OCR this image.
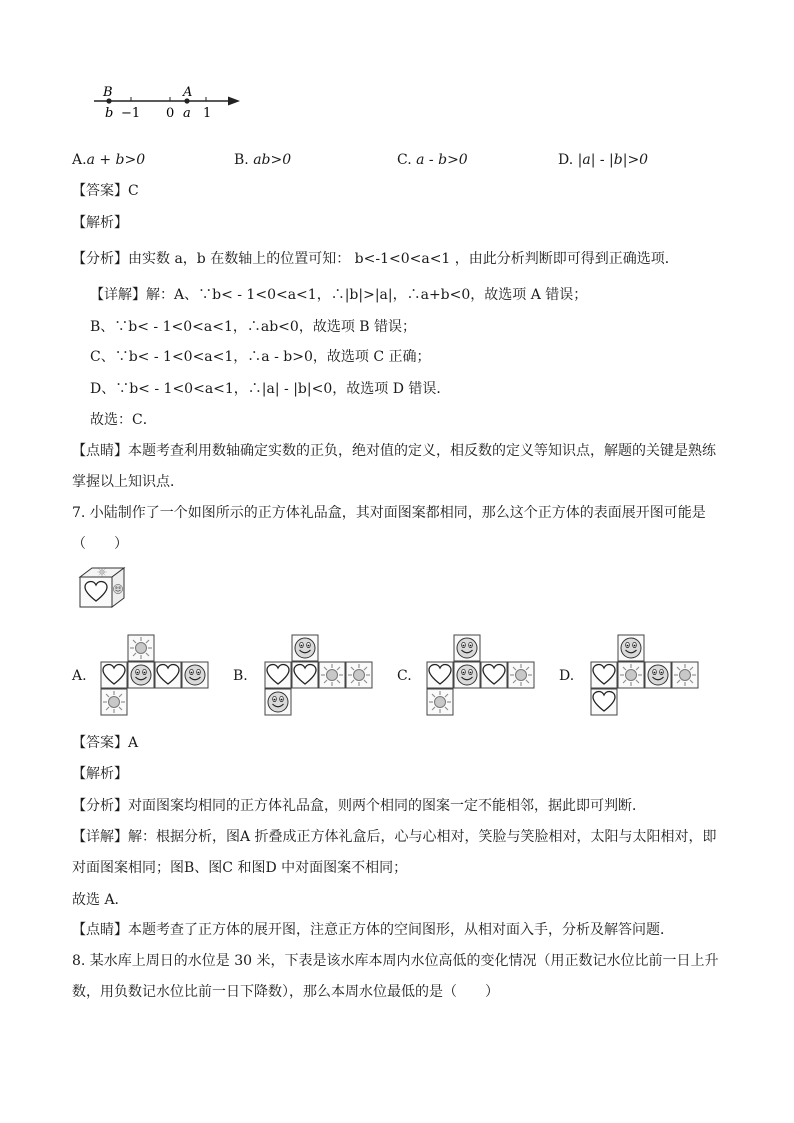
B	A
b −1 0 a 1
A.a + b>0	B. ab>0	C. a - b>0	D. |a| - |b|>0
【答案】C
【解析】
【分析】由实数 a，b 在数轴上的位置可知： b<-1<0<a<1 ，由此分析判断即可得到正确选项．
【详解】解：A、∵b< - 1<0<a<1，∴|b|>|a|，∴a+b<0，故选项 A 错误；
B、∵b< - 1<0<a<1，∴ab<0，故选项 B 错误；
C、∵b< - 1<0<a<1，∴a - b>0，故选项 C 正确；
D、∵b< - 1<0<a<1，∴|a| - |b|<0，故选项 D 错误．
故选：C．
【点睛】本题考查利用数轴确定实数的正负，绝对值的定义，相反数的定义等知识点，解题的关键是熟练掌握以上知识点．
7. 小陆制作了一个如图所示的正方体礼品盒，其对面图案都相同，那么这个正方体的表面展开图可能是（　　）
A.	B.	C.	D.
【答案】A
【解析】
【分析】对面图案均相同的正方体礼品盒，则两个相同的图案一定不能相邻，据此即可判断．
【详解】解：根据分析，图A 折叠成正方体礼盒后，心与心相对，笑脸与笑脸相对，太阳与太阳相对，即对面图案相同；图B、图C 和图D 中对面图案不相同；
故选 A．
【点睛】本题考查了正方体的展开图，注意正方体的空间图形，从相对面入手，分析及解答问题．
8. 某水库上周日的水位是 30 米，下表是该水库本周内水位高低的变化情况（用正数记水位比前一日上升数，用负数记水位比前一日下降数），那么本周水位最低的是（　　）
